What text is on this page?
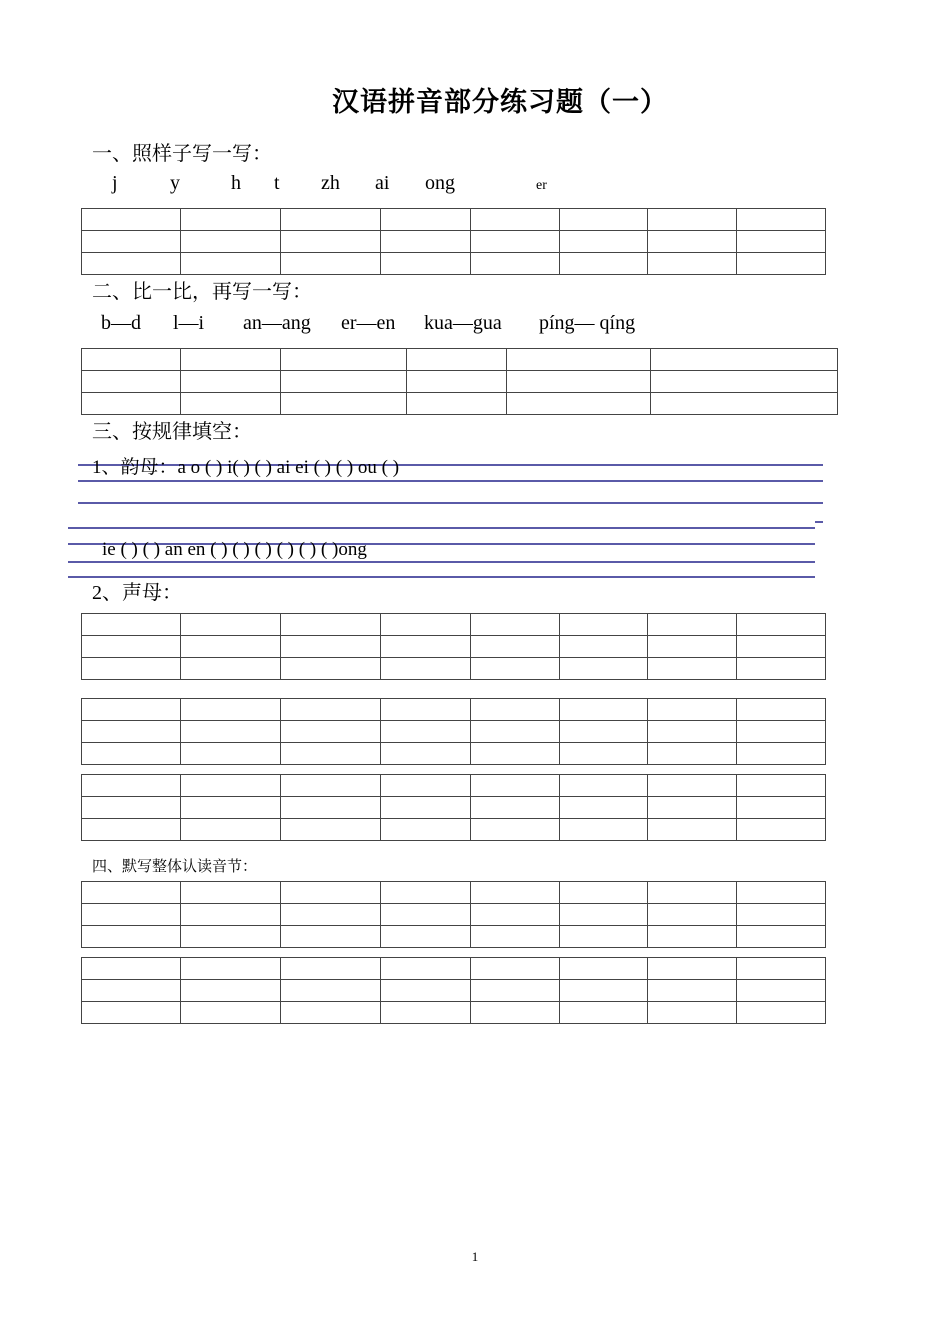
汉语拼音部分练习题（一）
一、照样子写一写：
j	y	h t zh ai ong	er

二、比一比，再写一写：
b—d l—i an—ang er—en kua—gua píng— qíng

三、按规律填空：
1、韵母：a o ( ) i( ) ( ) ai ei ( ) ( ) ou ( )
ie ( ) ( ) an en ( ) ( ) ( ) ( ) ( ) ( )ong
2、声母：

四、默写整体认读音节：

1
